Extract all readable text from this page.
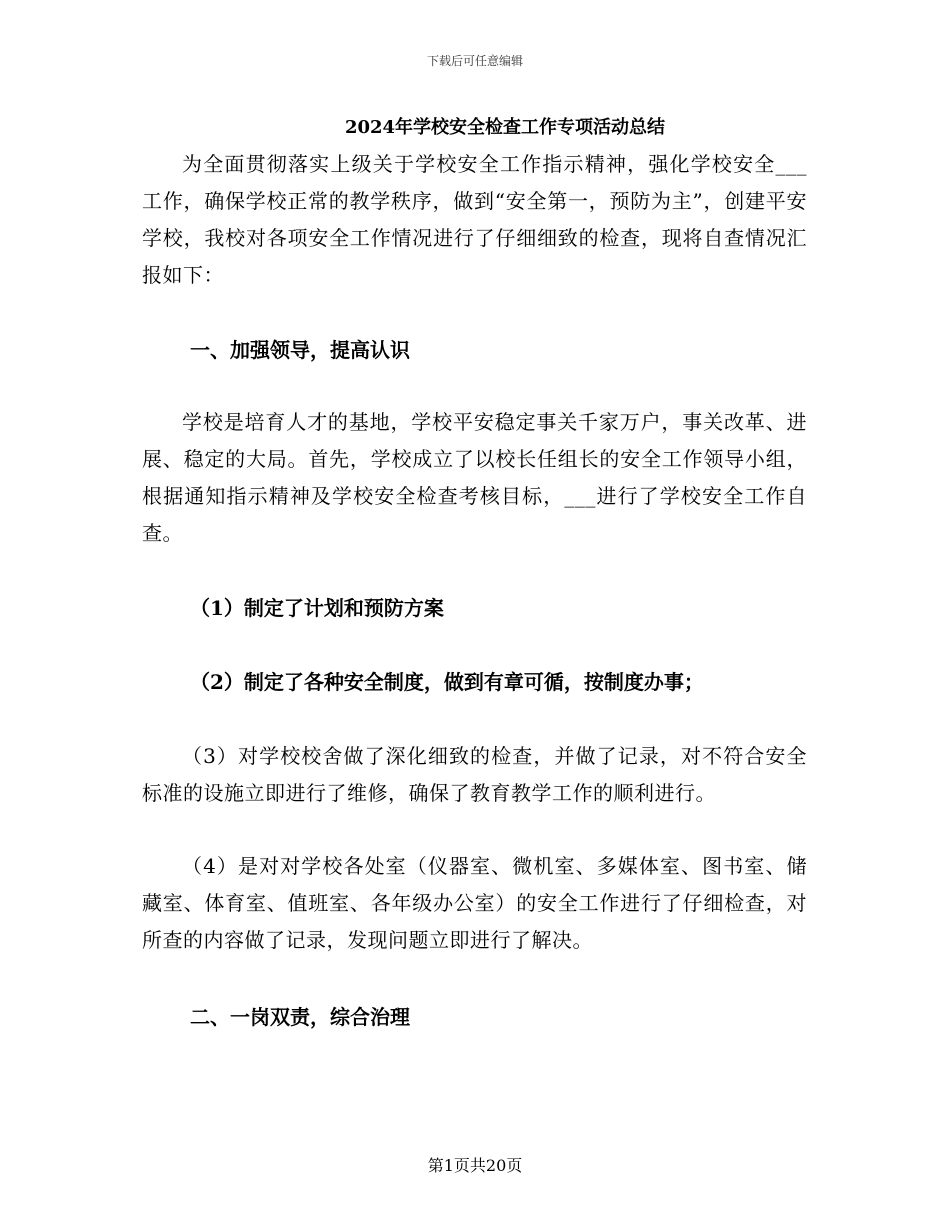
下载后可任意编辑
2024年学校安全检查工作专项活动总结

为全面贯彻落实上级关于学校安全工作指示精神，强化学校安全___工作，确保学校正常的教学秩序，做到“安全第一，预防为主”，创建平安学校，我校对各项安全工作情况进行了仔细细致的检查，现将自查情况汇报如下：

一、加强领导，提高认识

学校是培育人才的基地，学校平安稳定事关千家万户，事关改革、进展、稳定的大局。首先，学校成立了以校长任组长的安全工作领导小组，根据通知指示精神及学校安全检查考核目标，___进行了学校安全工作自查。

（1）制定了计划和预防方案

（2）制定了各种安全制度，做到有章可循，按制度办事；

（3）对学校校舍做了深化细致的检查，并做了记录，对不符合安全标准的设施立即进行了维修，确保了教育教学工作的顺利进行。

（4）是对对学校各处室（仪器室、微机室、多媒体室、图书室、储藏室、体育室、值班室、各年级办公室）的安全工作进行了仔细检查，对所查的内容做了记录，发现问题立即进行了解决。

二、一岗双责，综合治理

第1页共20页
